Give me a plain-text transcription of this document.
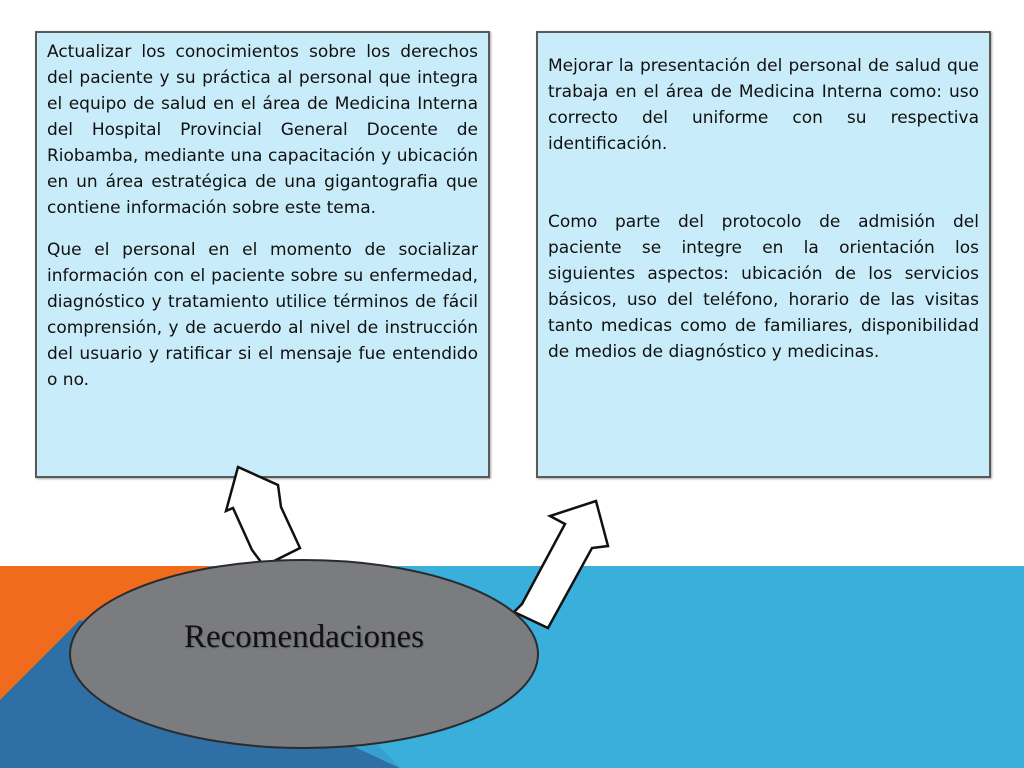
Actualizar los conocimientos sobre los derechos del paciente y su práctica al personal que integra el equipo de salud en el área de Medicina Interna del Hospital Provincial General Docente de Riobamba, mediante una capacitación y ubicación en un área estratégica de una gigantografia que contiene información sobre este tema.

Que el personal en el momento de socializar información con el paciente sobre su enfermedad, diagnóstico y tratamiento utilice términos de fácil comprensión, y de acuerdo al nivel de instrucción del usuario y ratificar si el mensaje fue entendido o no.

Mejorar la presentación del personal de salud que trabaja en el área de Medicina Interna como: uso correcto del uniforme con su respectiva identificación.

Como parte del protocolo de admisión del paciente se integre en la orientación los siguientes aspectos: ubicación de los servicios básicos, uso del teléfono, horario de las visitas tanto medicas como de familiares, disponibilidad de medios de diagnóstico y medicinas.

Recomendaciones
